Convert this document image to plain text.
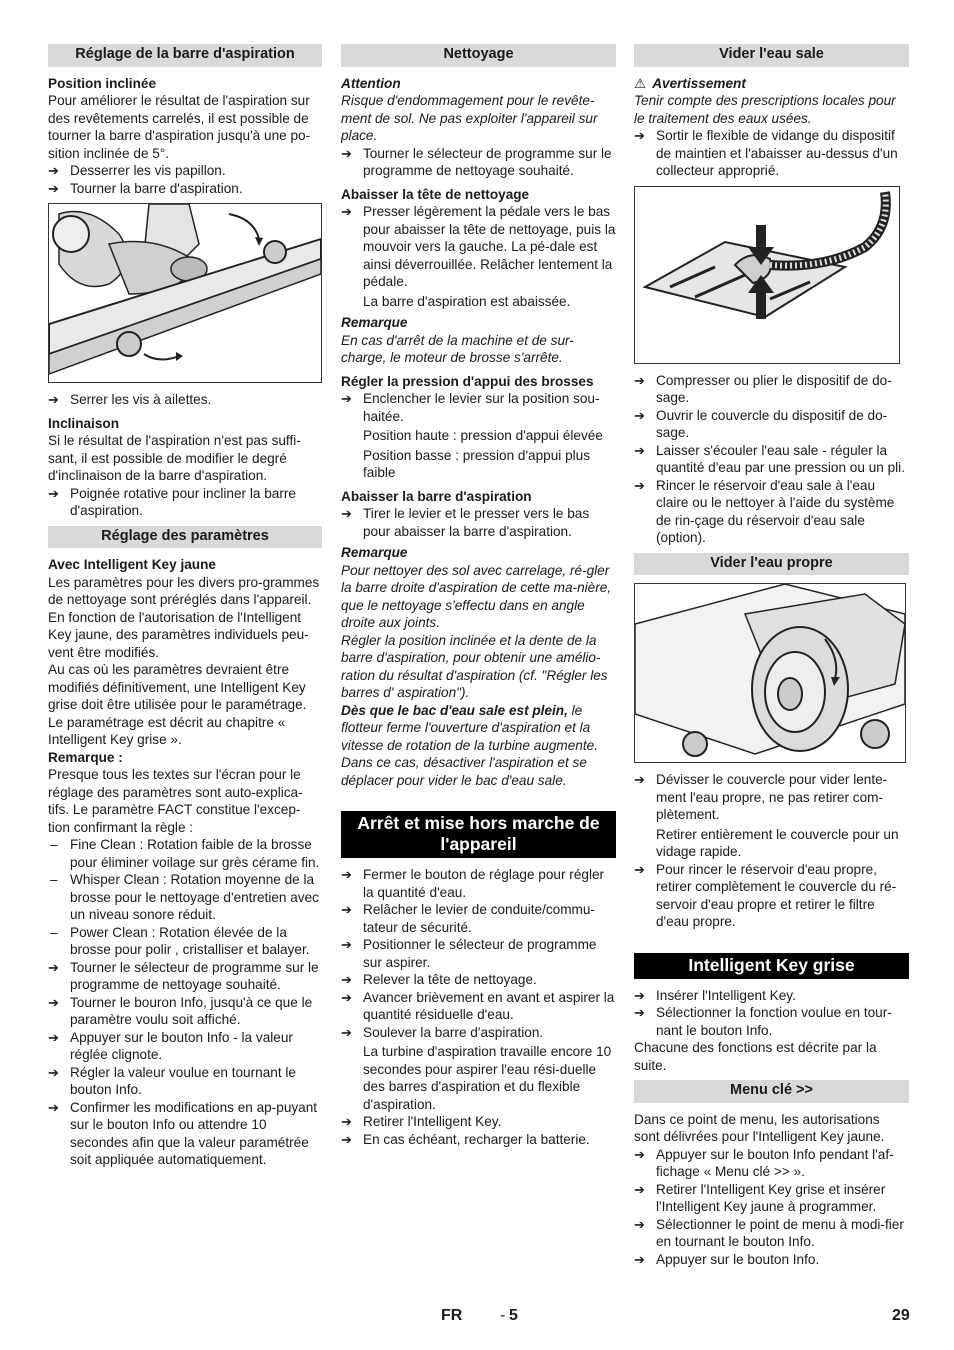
Réglage de la barre d'aspiration
Position inclinée

Pour améliorer le résultat de l'aspiration sur des revêtements carrelés, il est possible de tourner la barre d'aspiration jusqu'à une po-sition inclinée de 5°.

➔ Desserrer les vis papillon.
➔ Tourner la barre d'aspiration.
➔ Serrer les vis à ailettes.
Inclinaison

Si le résultat de l'aspiration n'est pas suffi-sant, il est possible de modifier le degré d'inclinaison de la barre d'aspiration.

➔ Poignée rotative pour incliner la barre d'aspiration.
Réglage des paramètres
Avec Intelligent Key jaune

Les paramètres pour les divers pro-grammes de nettoyage sont préréglés dans l'appareil.

En fonction de l'autorisation de l'Intelligent Key jaune, des paramètres individuels peu-vent être modifiés.

Au cas où les paramètres devraient être modifiés définitivement, une Intelligent Key grise doit être utilisée pour le paramétrage. Le paramétrage est décrit au chapitre « Intelligent Key grise ».

Remarque :

Presque tous les textes sur l'écran pour le réglage des paramètres sont auto-explica-tifs. Le paramètre FACT constitue l'excep-tion confirmant la règle :

– Fine Clean : Rotation faible de la brosse pour éliminer voilage sur grès cérame fin.
– Whisper Clean : Rotation moyenne de la brosse pour le nettoyage d'entretien avec un niveau sonore réduit.
– Power Clean : Rotation élevée de la brosse pour polir , cristalliser et balayer.
➔ Tourner le sélecteur de programme sur le programme de nettoyage souhaité.
➔ Tourner le bouron Info, jusqu'à ce que le paramètre voulu soit affiché.
➔ Appuyer sur le bouton Info - la valeur réglée clignote.
➔ Régler la valeur voulue en tournant le bouton Info.
➔ Confirmer les modifications en ap-puyant sur le bouton Info ou attendre 10 secondes afin que la valeur paramétrée soit appliquée automatiquement.
Nettoyage
Attention

Risque d'endommagement pour le revête-ment de sol. Ne pas exploiter l'appareil sur place.

➔ Tourner le sélecteur de programme sur le programme de nettoyage souhaité.
Abaisser la tête de nettoyage
➔ Presser légèrement la pédale vers le bas pour abaisser la tête de nettoyage, puis la mouvoir vers la gauche. La pé-dale est ainsi déverrouillée. Relâcher lentement la pédale.
La barre d'aspiration est abaissée.
Remarque

En cas d'arrêt de la machine et de sur-charge, le moteur de brosse s'arrête.

Régler la pression d'appui des brosses
➔ Enclencher le levier sur la position sou-haitée.
Position haute : pression d'appui élevée
Position basse : pression d'appui plus faible
Abaisser la barre d'aspiration
➔ Tirer le levier et le presser vers le bas pour abaisser la barre d'aspiration.
Remarque

Pour nettoyer des sol avec carrelage, ré-gler la barre droite d'aspiration de cette ma-nière, que le nettoyage s'effectu dans en angle droite aux joints.

Régler la position inclinée et la dente de la barre d'aspiration, pour obtenir une amélio-ration du résultat d'aspiration (cf. "Régler les barres d' aspiration").

Dès que le bac d'eau sale est plein, le flotteur ferme l'ouverture d'aspiration et la vitesse de rotation de la turbine augmente. Dans ce cas, désactiver l'aspiration et se déplacer pour vider le bac d'eau sale.

Arrêt et mise hors marche de l'appareil
➔ Fermer le bouton de réglage pour régler la quantité d'eau.
➔ Relâcher le levier de conduite/commu-tateur de sécurité.
➔ Positionner le sélecteur de programme sur aspirer.
➔ Relever la tête de nettoyage.
➔ Avancer brièvement en avant et aspirer la quantité résiduelle d'eau.
➔ Soulever la barre d'aspiration.
La turbine d'aspiration travaille encore 10 secondes pour aspirer l'eau rési-duelle des barres d'aspiration et du flexible d'aspiration.
➔ Retirer l'Intelligent Key.
➔ En cas échéant, recharger la batterie.
Vider l'eau sale
⚠ Avertissement

Tenir compte des prescriptions locales pour le traitement des eaux usées.

➔ Sortir le flexible de vidange du dispositif de maintien et l'abaisser au-dessus d'un collecteur approprié.
➔ Compresser ou plier le dispositif de do-sage.
➔ Ouvrir le couvercle du dispositif de do-sage.
➔ Laisser s'écouler l'eau sale - réguler la quantité d'eau par une pression ou un pli.
➔ Rincer le réservoir d'eau sale à l'eau claire ou le nettoyer à l'aide du système de rin-çage du réservoir d'eau sale (option).
Vider l'eau propre
➔ Dévisser le couvercle pour vider lente-ment l'eau propre, ne pas retirer com-plètement.
Retirer entièrement le couvercle pour un vidage rapide.
➔ Pour rincer le réservoir d'eau propre, retirer complètement le couvercle du ré-servoir d'eau propre et retirer le filtre d'eau propre.
Intelligent Key grise
➔ Insérer l'Intelligent Key.
➔ Sélectionner la fonction voulue en tour-nant le bouton Info.

Chacune des fonctions est décrite par la suite.

Menu clé >>

Dans ce point de menu, les autorisations sont délivrées pour l'Intelligent Key jaune.

➔ Appuyer sur le bouton Info pendant l'af-fichage « Menu clé >> ».
➔ Retirer l'Intelligent Key grise et insérer l'Intelligent Key jaune à programmer.
➔ Sélectionner le point de menu à modi-fier en tournant le bouton Info.
➔ Appuyer sur le bouton Info.
FR - 5	29
